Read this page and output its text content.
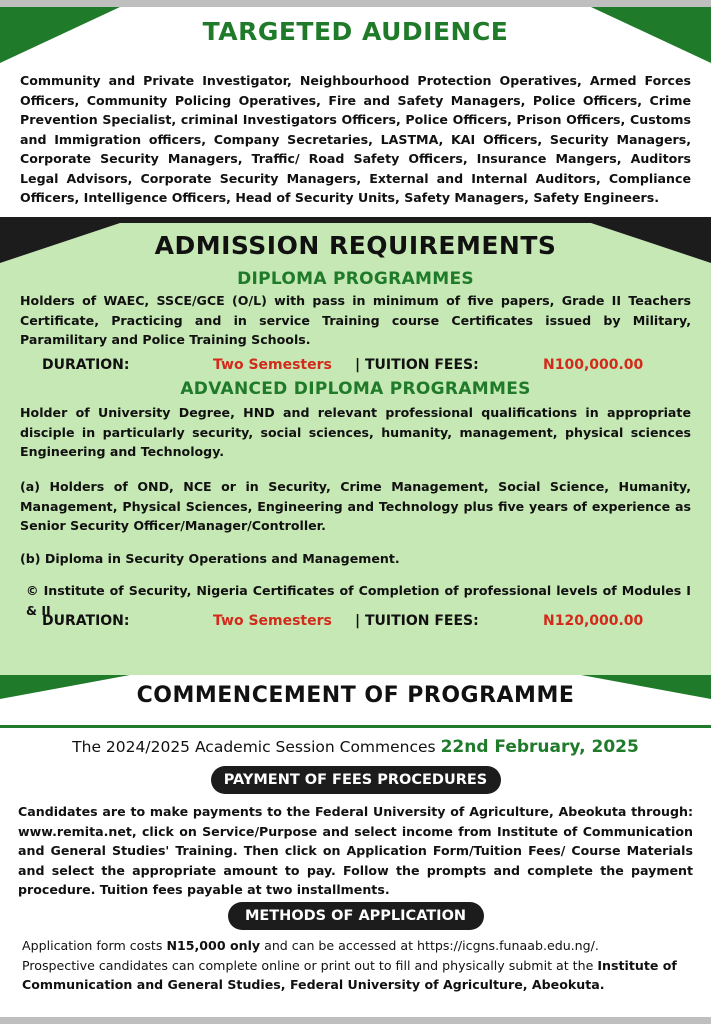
TARGETED AUDIENCE
Community and Private Investigator, Neighbourhood Protection Operatives, Armed Forces Officers, Community Policing Operatives, Fire and Safety Managers, Police Officers, Crime Prevention Specialist, criminal Investigators Officers, Police Officers, Prison Officers, Customs and Immigration officers, Company Secretaries, LASTMA, KAI Officers, Security Managers, Corporate Security Managers, Traffic/ Road Safety Officers, Insurance Mangers, Auditors Legal Advisors, Corporate Security Managers, External and Internal Auditors, Compliance Officers, Intelligence Officers, Head of Security Units, Safety Managers, Safety Engineers.
ADMISSION REQUIREMENTS
DIPLOMA PROGRAMMES
Holders of WAEC, SSCE/GCE (O/L) with pass in minimum of five papers, Grade II Teachers Certificate, Practicing and in service Training course Certificates issued by Military, Paramilitary and Police Training Schools.
DURATION:	Two Semesters | TUITION FEES:	N100,000.00
ADVANCED DIPLOMA PROGRAMMES
Holder of University Degree, HND and relevant professional qualifications in appropriate disciple in particularly security, social sciences, humanity, management, physical sciences Engineering and Technology.
(a) Holders of OND, NCE or in Security, Crime Management, Social Science, Humanity, Management, Physical Sciences, Engineering and Technology plus five years of experience as Senior Security Officer/Manager/Controller.
(b) Diploma in Security Operations and Management.
© Institute of Security, Nigeria Certificates of Completion of professional levels of Modules I & II
DURATION:	Two Semesters | TUITION FEES:	N120,000.00
COMMENCEMENT OF PROGRAMME
The 2024/2025 Academic Session Commences 22nd February, 2025
PAYMENT OF FEES PROCEDURES
Candidates are to make payments to the Federal University of Agriculture, Abeokuta through: www.remita.net, click on Service/Purpose and select income from Institute of Communication and General Studies' Training. Then click on Application Form/Tuition Fees/ Course Materials and select the appropriate amount to pay. Follow the prompts and complete the payment procedure. Tuition fees payable at two installments.
METHODS OF APPLICATION
Application form costs N15,000 only and can be accessed at https://icgns.funaab.edu.ng/.
Prospective candidates can complete online or print out to fill and physically submit at the Institute of Communication and General Studies, Federal University of Agriculture, Abeokuta.
